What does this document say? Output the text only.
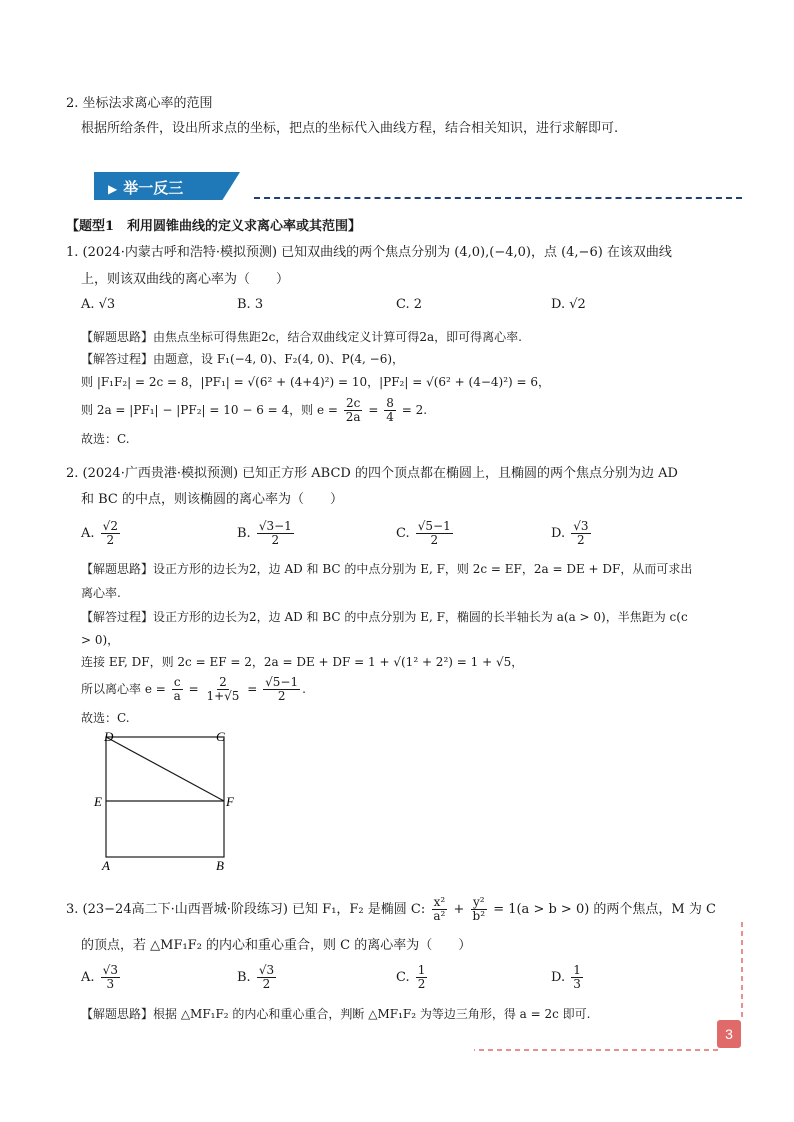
2. 坐标法求离心率的范围
根据所给条件，设出所求点的坐标，把点的坐标代入曲线方程，结合相关知识，进行求解即可.
▶ 举一反三
【题型1　利用圆锥曲线的定义求离心率或其范围】
1. (2024·内蒙古呼和浩特·模拟预测) 已知双曲线的两个焦点分别为 (4,0),(−4,0)，点 (4,−6) 在该双曲线
上，则该双曲线的离心率为（　　）
A. √3	B. 3	C. 2	D. √2
【解题思路】由焦点坐标可得焦距2c，结合双曲线定义计算可得2a，即可得离心率.
【解答过程】由题意，设 F₁(−4, 0)、F₂(4, 0)、P(4, −6)，
则 |F₁F₂| = 2c = 8，|PF₁| = √(6² + (4+4)²) = 10，|PF₂| = √(6² + (4−4)²) = 6，
则 2a = |PF₁| − |PF₂| = 10 − 6 = 4，则 $e = \frac{2c}{2a} = \frac{8}{4} = 2$.
故选：C.
2. (2024·广西贵港·模拟预测) 已知正方形 ABCD 的四个顶点都在椭圆上，且椭圆的两个焦点分别为边 AD
和 BC 的中点，则该椭圆的离心率为（　　）
A. $\frac{√2}{2}$	B. $\frac{√3-1}{2}$	C. $\frac{√5-1}{2}$	D. $\frac{√3}{2}$
【解题思路】设正方形的边长为2，边 AD 和 BC 的中点分别为 E, F，则 2c = EF，2a = DE + DF，从而可求出
离心率.
【解答过程】设正方形的边长为2，边 AD 和 BC 的中点分别为 E, F，椭圆的长半轴长为 a(a > 0)，半焦距为 c(c
> 0)，
连接 EF, DF，则 2c = EF = 2，2a = DE + DF = 1 + √(1² + 2²) = 1 + √5，
所以离心率 $e = \frac{c}{a} = \frac{2}{1+√5} = \frac{√5-1}{2}$ .
故选：C.
D	C
E	F
A	B
3. (23−24高二下·山西晋城·阶段练习) 已知 F₁，F₂ 是椭圆 C: $\frac{\text{x²}}{\text{a²}} + \frac{\text{y²}}{\text{b²}} = 1(a > b > 0)$ 的两个焦点，M 为 C
的顶点，若 △MF₁F₂ 的内心和重心重合，则 C 的离心率为（　　）
A. $\frac{√3}{3}$	B. $\frac{√3}{2}$	C. $\frac{1}{2}$	D. $\frac{1}{3}$
【解题思路】根据 △MF₁F₂ 的内心和重心重合，判断 △MF₁F₂ 为等边三角形，得 a = 2c 即可.
3
